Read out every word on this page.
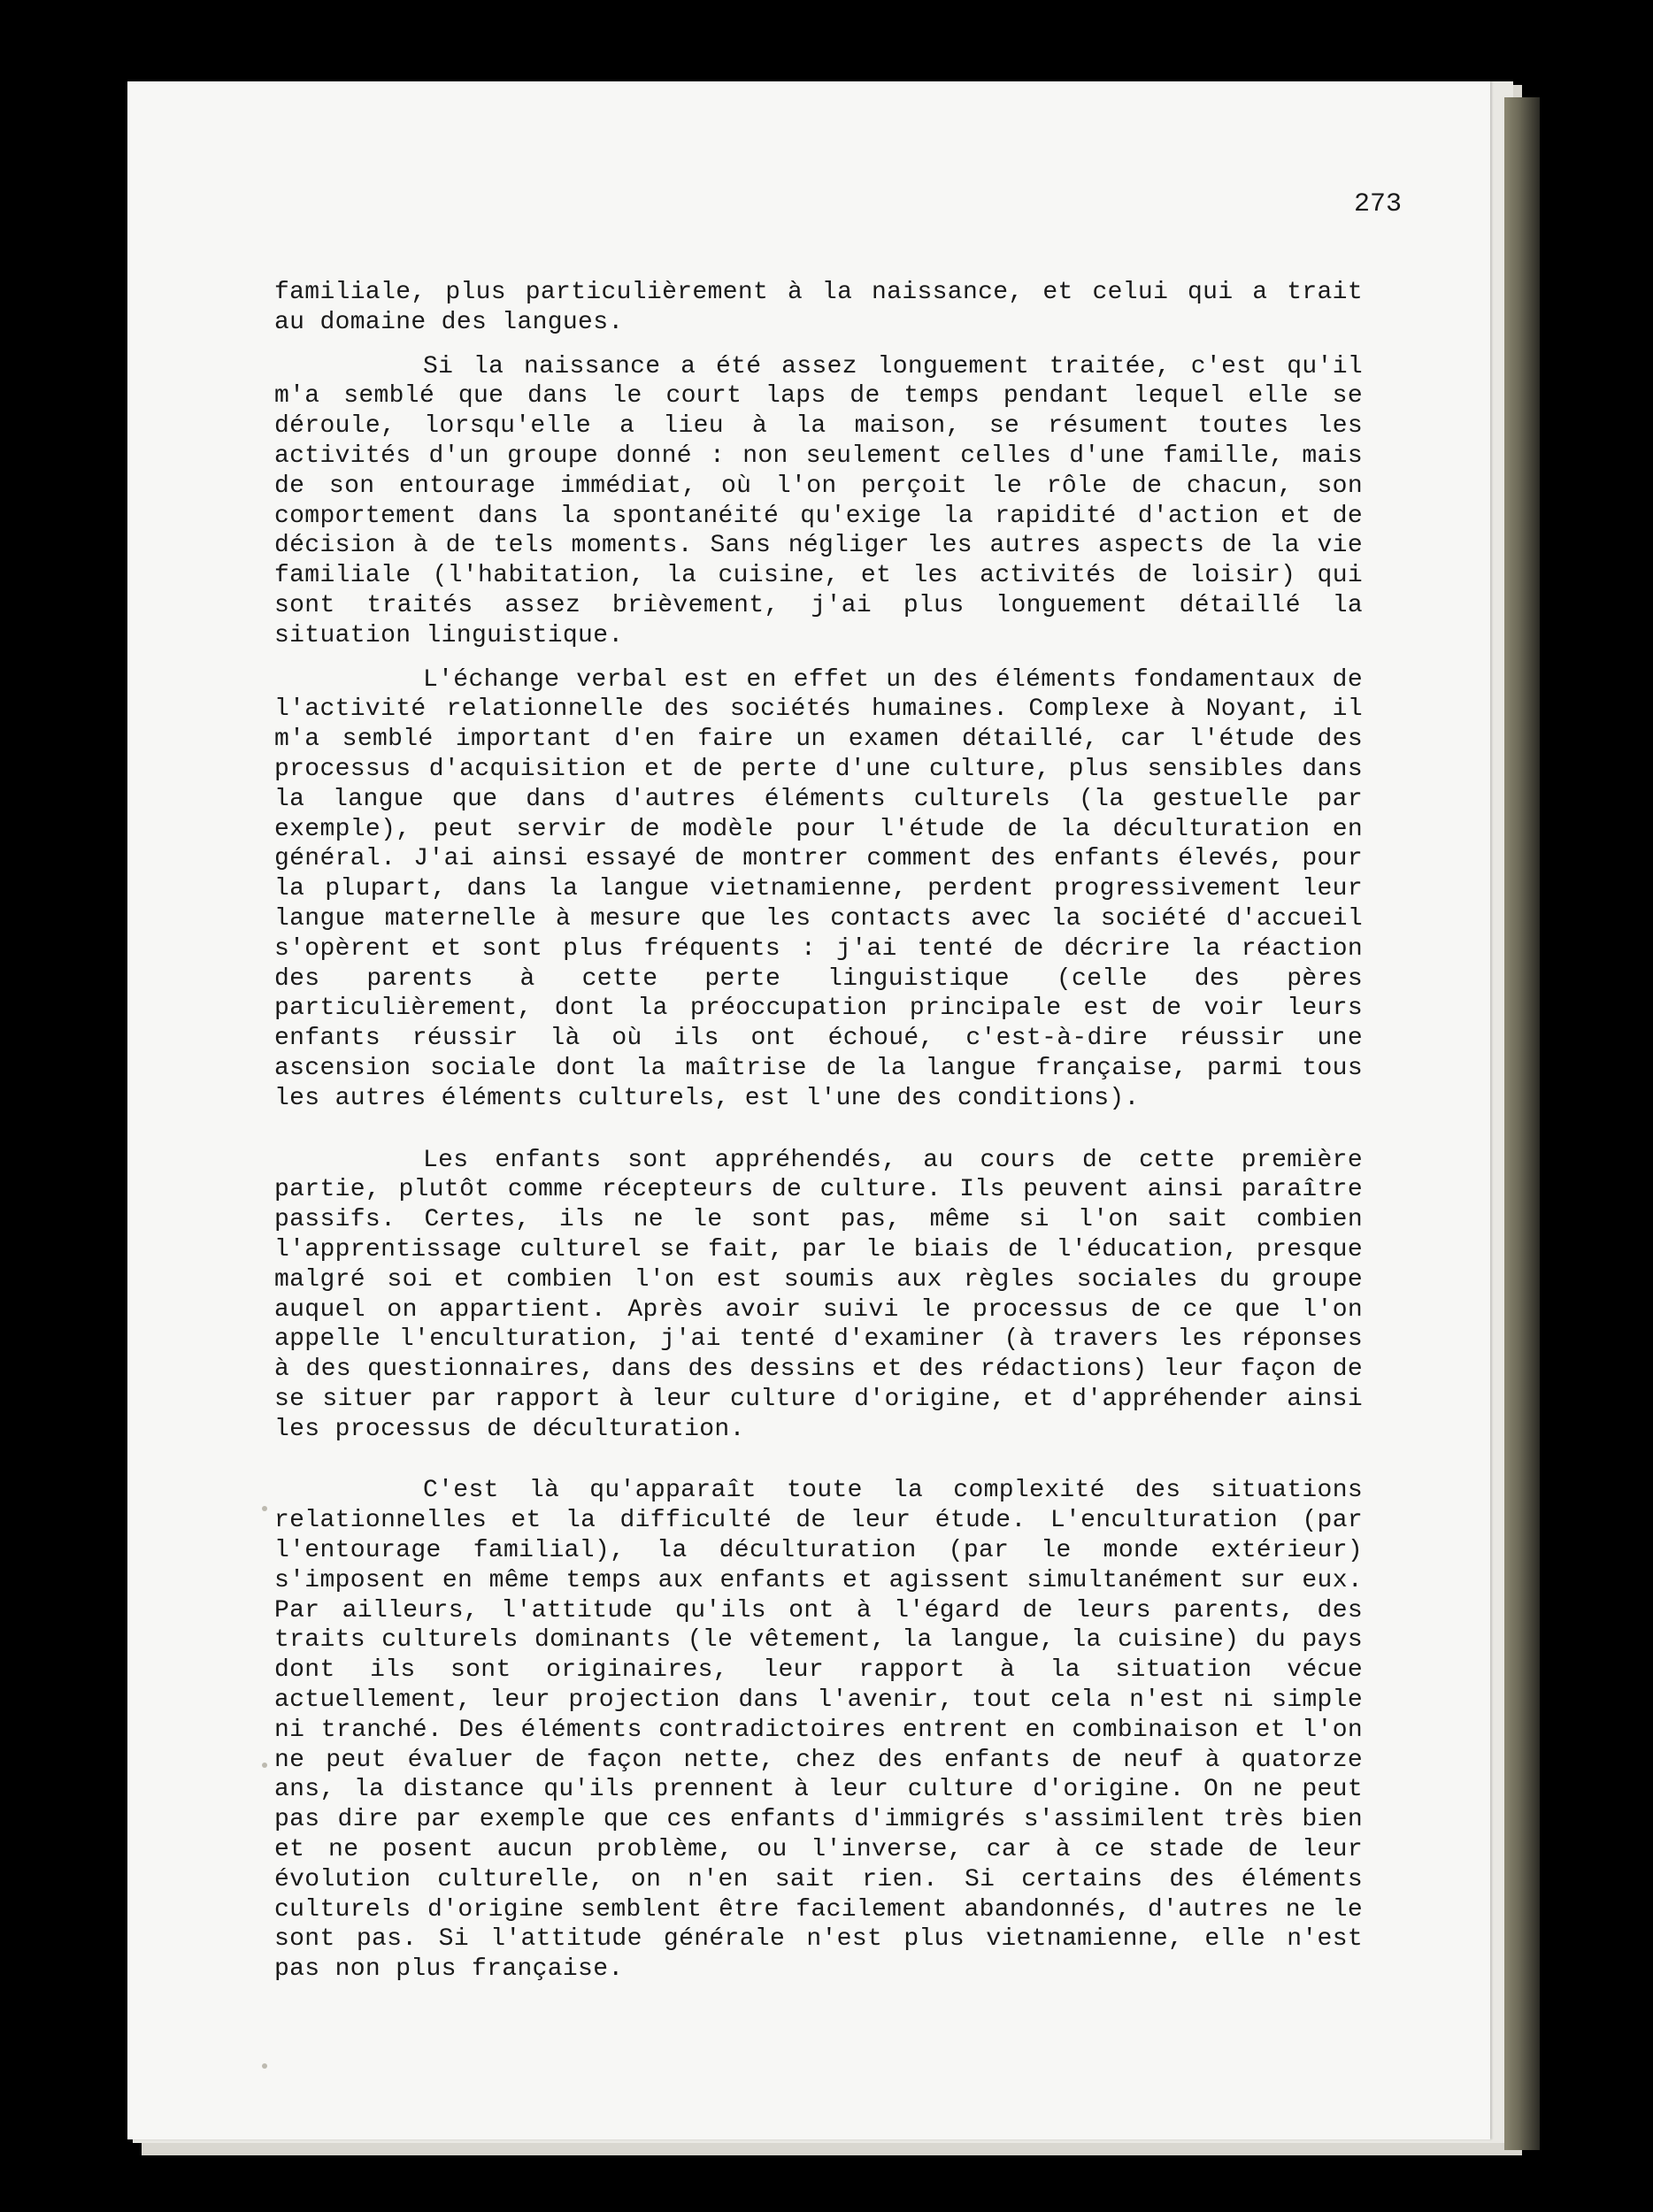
273

familiale, plus particulièrement à la naissance, et celui qui a trait au domaine des langues.

Si la naissance a été assez longuement traitée, c'est qu'il m'a semblé que dans le court laps de temps pendant lequel elle se déroule, lorsqu'elle a lieu à la maison, se résument toutes les activités d'un groupe donné : non seulement celles d'une famille, mais de son entourage immédiat, où l'on perçoit le rôle de chacun, son comportement dans la spontanéité qu'exige la rapidité d'action et de décision à de tels moments. Sans négliger les autres aspects de la vie familiale (l'habitation, la cuisine, et les activités de loisir) qui sont traités assez brièvement, j'ai plus longuement détaillé la situation linguistique.

L'échange verbal est en effet un des éléments fondamentaux de l'activité relationnelle des sociétés humaines. Complexe à Noyant, il m'a semblé important d'en faire un examen détaillé, car l'étude des processus d'acquisition et de perte d'une culture, plus sensibles dans la langue que dans d'autres éléments culturels (la gestuelle par exemple), peut servir de modèle pour l'étude de la déculturation en général. J'ai ainsi essayé de montrer comment des enfants élevés, pour la plupart, dans la langue vietnamienne, perdent progressivement leur langue maternelle à mesure que les contacts avec la société d'accueil s'opèrent et sont plus fréquents : j'ai tenté de décrire la réaction des parents à cette perte linguistique (celle des pères particulièrement, dont la préoccupation principale est de voir leurs enfants réussir là où ils ont échoué, c'est-à-dire réussir une ascension sociale dont la maîtrise de la langue française, parmi tous les autres éléments culturels, est l'une des conditions).

Les enfants sont appréhendés, au cours de cette première partie, plutôt comme récepteurs de culture. Ils peuvent ainsi paraître passifs. Certes, ils ne le sont pas, même si l'on sait combien l'apprentissage culturel se fait, par le biais de l'éducation, presque malgré soi et combien l'on est soumis aux règles sociales du groupe auquel on appartient. Après avoir suivi le processus de ce que l'on appelle l'enculturation, j'ai tenté d'examiner (à travers les réponses à des questionnaires, dans des dessins et des rédactions) leur façon de se situer par rapport à leur culture d'origine, et d'appréhender ainsi les processus de déculturation.

C'est là qu'apparaît toute la complexité des situations relationnelles et la difficulté de leur étude. L'enculturation (par l'entourage familial), la déculturation (par le monde extérieur) s'imposent en même temps aux enfants et agissent simultanément sur eux. Par ailleurs, l'attitude qu'ils ont à l'égard de leurs parents, des traits culturels dominants (le vêtement, la langue, la cuisine) du pays dont ils sont originaires, leur rapport à la situation vécue actuellement, leur projection dans l'avenir, tout cela n'est ni simple ni tranché. Des éléments contradictoires entrent en combinaison et l'on ne peut évaluer de façon nette, chez des enfants de neuf à quatorze ans, la distance qu'ils prennent à leur culture d'origine. On ne peut pas dire par exemple que ces enfants d'immigrés s'assimilent très bien et ne posent aucun problème, ou l'inverse, car à ce stade de leur évolution culturelle, on n'en sait rien. Si certains des éléments culturels d'origine semblent être facilement abandonnés, d'autres ne le sont pas. Si l'attitude générale n'est plus vietnamienne, elle n'est pas non plus française.
